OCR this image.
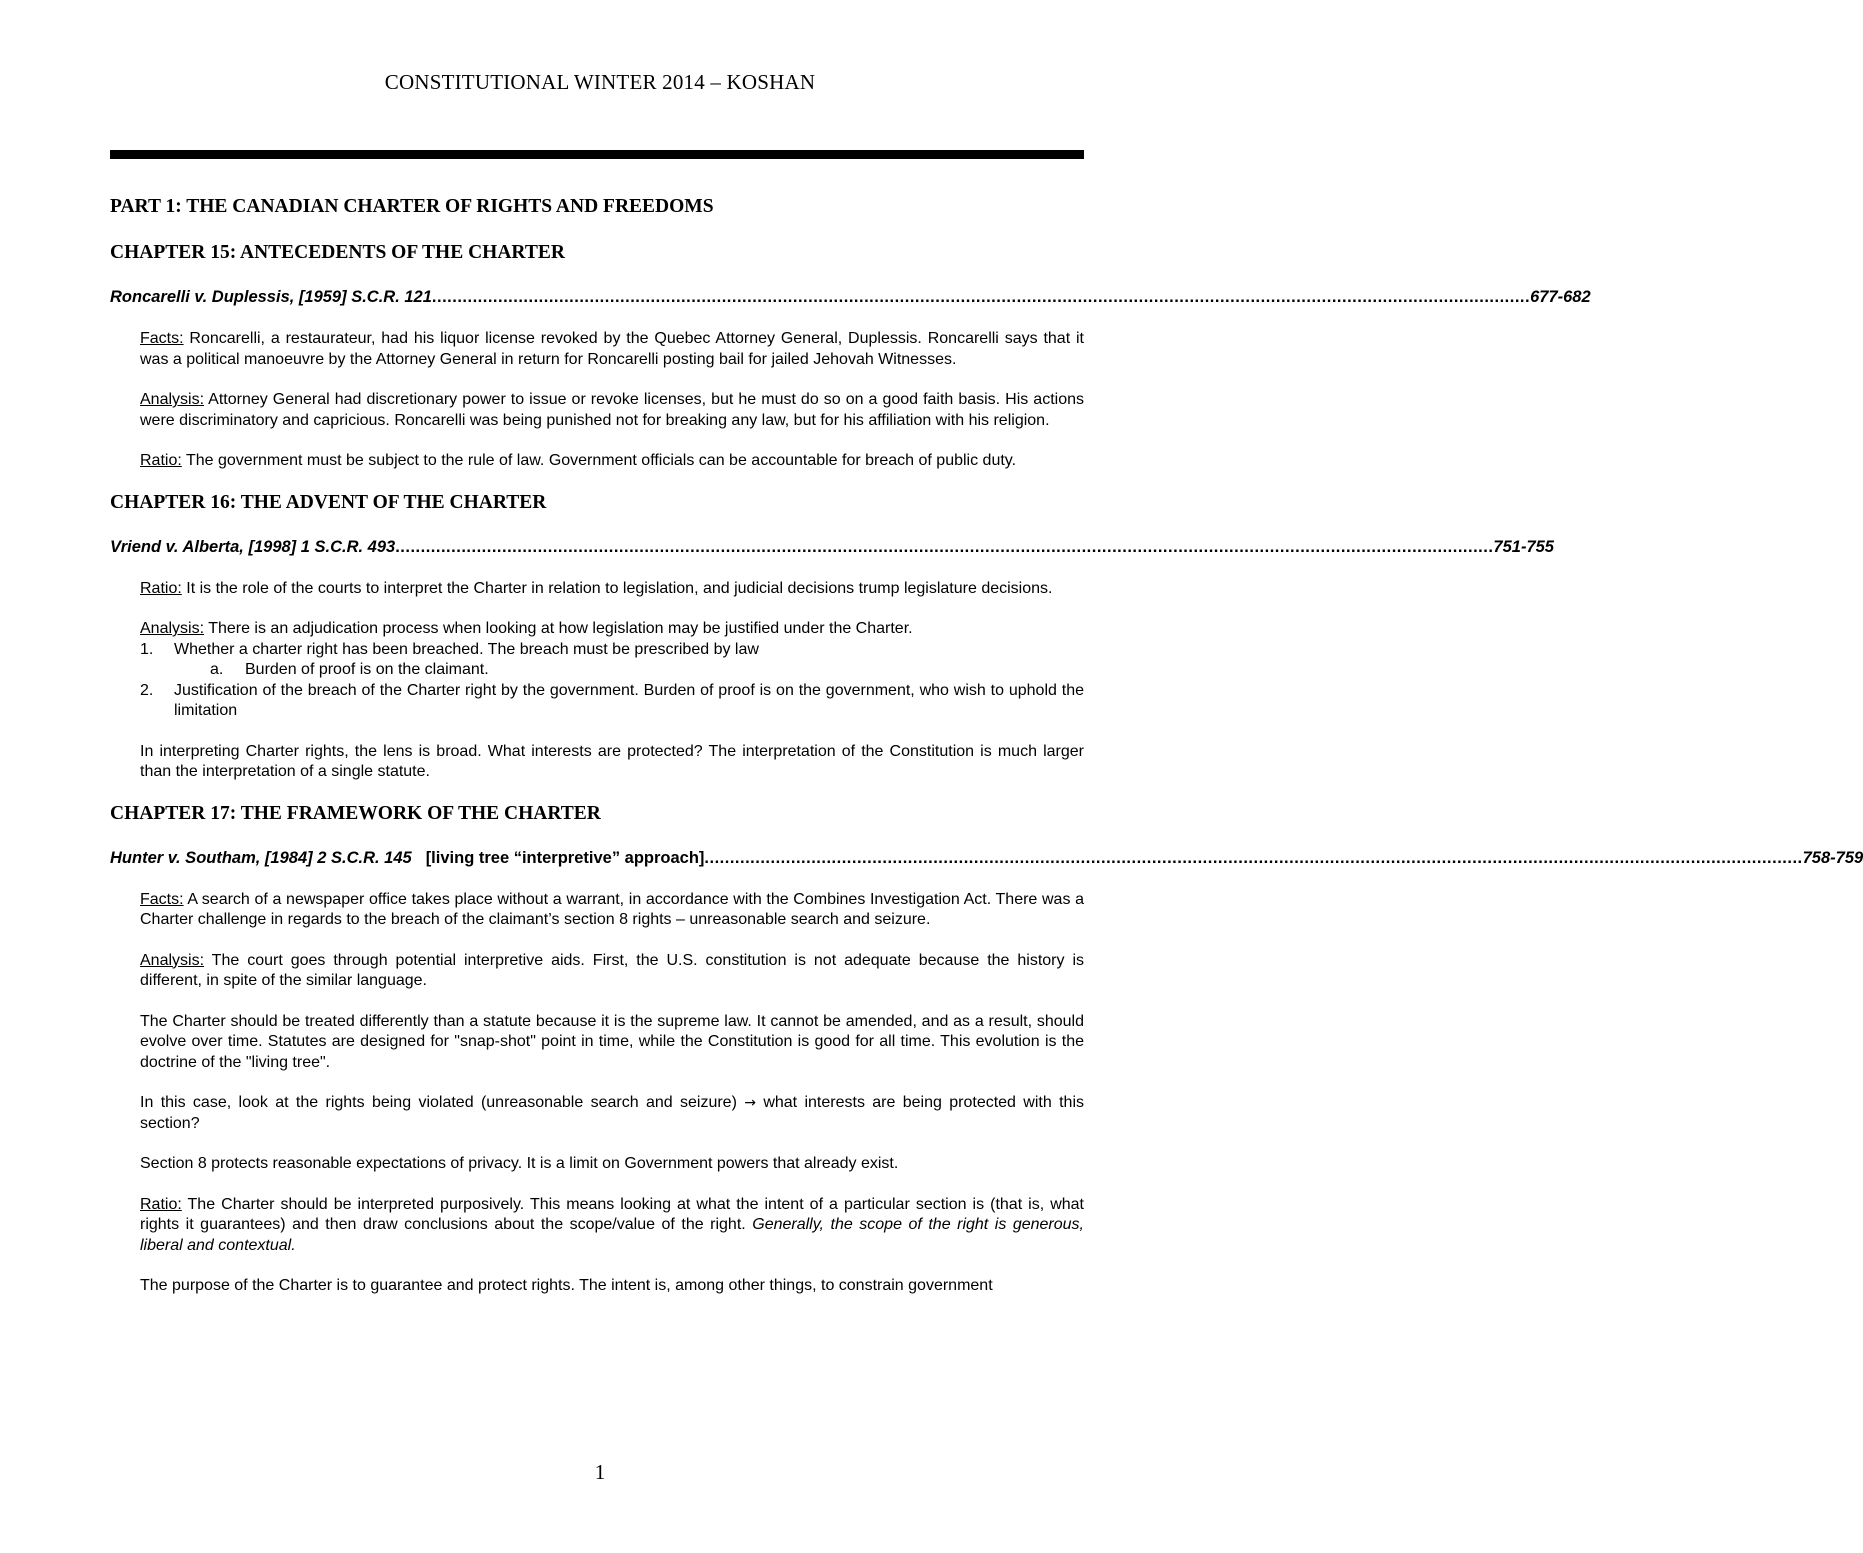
CONSTITUTIONAL WINTER 2014 – KOSHAN
PART 1: THE CANADIAN CHARTER OF RIGHTS AND FREEDOMS
CHAPTER 15: ANTECEDENTS OF THE CHARTER
Roncarelli v. Duplessis, [1959] S.C.R. 121 ........................................................................................................................................................................................................................ 677-682

Facts: Roncarelli, a restaurateur, had his liquor license revoked by the Quebec Attorney General, Duplessis. Roncarelli says that it was a political manoeuvre by the Attorney General in return for Roncarelli posting bail for jailed Jehovah Witnesses.

Analysis: Attorney General had discretionary power to issue or revoke licenses, but he must do so on a good faith basis. His actions were discriminatory and capricious. Roncarelli was being punished not for breaking any law, but for his affiliation with his religion.

Ratio: The government must be subject to the rule of law. Government officials can be accountable for breach of public duty.

CHAPTER 16: THE ADVENT OF THE CHARTER
Vriend v. Alberta, [1998] 1 S.C.R. 493 ........................................................................................................................................................................................................................ 751-755

Ratio: It is the role of the courts to interpret the Charter in relation to legislation, and judicial decisions trump legislature decisions.

Analysis: There is an adjudication process when looking at how legislation may be justified under the Charter.
1. Whether a charter right has been breached. The breach must be prescribed by law
a. Burden of proof is on the claimant.
2. Justification of the breach of the Charter right by the government. Burden of proof is on the government, who wish to uphold the limitation

In interpreting Charter rights, the lens is broad. What interests are protected? The interpretation of the Constitution is much larger than the interpretation of a single statute.

CHAPTER 17: THE FRAMEWORK OF THE CHARTER
Hunter v. Southam, [1984] 2 S.C.R. 145 [living tree “interpretive” approach] ........................................................................................................................................................................................................................ 758-759

Facts: A search of a newspaper office takes place without a warrant, in accordance with the Combines Investigation Act. There was a Charter challenge in regards to the breach of the claimant’s section 8 rights – unreasonable search and seizure.

Analysis: The court goes through potential interpretive aids. First, the U.S. constitution is not adequate because the history is different, in spite of the similar language.

The Charter should be treated differently than a statute because it is the supreme law. It cannot be amended, and as a result, should evolve over time. Statutes are designed for "snap-shot" point in time, while the Constitution is good for all time. This evolution is the doctrine of the "living tree".

In this case, look at the rights being violated (unreasonable search and seizure) → what interests are being protected with this section?

Section 8 protects reasonable expectations of privacy. It is a limit on Government powers that already exist.

Ratio: The Charter should be interpreted purposively. This means looking at what the intent of a particular section is (that is, what rights it guarantees) and then draw conclusions about the scope/value of the right. Generally, the scope of the right is generous, liberal and contextual.

The purpose of the Charter is to guarantee and protect rights. The intent is, among other things, to constrain government

1
